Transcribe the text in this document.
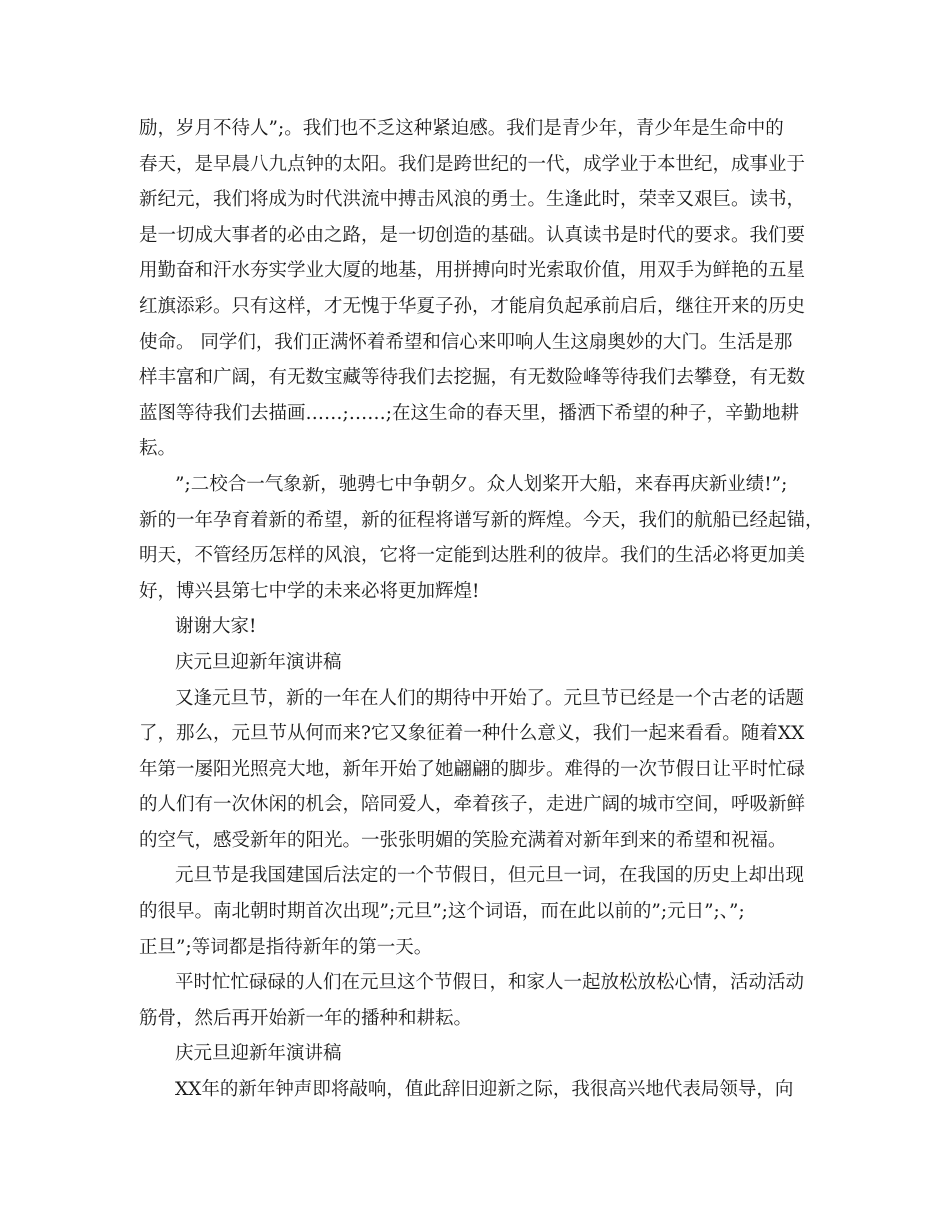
励，岁月不待人”;。我们也不乏这种紧迫感。我们是青少年，青少年是生命中的
春天，是早晨八九点钟的太阳。我们是跨世纪的一代，成学业于本世纪，成事业于
新纪元，我们将成为时代洪流中搏击风浪的勇士。生逢此时，荣幸又艰巨。读书，
是一切成大事者的必由之路，是一切创造的基础。认真读书是时代的要求。我们要
用勤奋和汗水夯实学业大厦的地基，用拼搏向时光索取价值，用双手为鲜艳的五星
红旗添彩。只有这样，才无愧于华夏子孙，才能肩负起承前启后，继往开来的历史
使命。 同学们，我们正满怀着希望和信心来叩响人生这扇奥妙的大门。生活是那
样丰富和广阔，有无数宝藏等待我们去挖掘，有无数险峰等待我们去攀登，有无数
蓝图等待我们去描画……;……;在这生命的春天里，播洒下希望的种子，辛勤地耕
耘。
”;二校合一气象新，驰骋七中争朝夕。众人划桨开大船，来春再庆新业绩!”;
新的一年孕育着新的希望，新的征程将谱写新的辉煌。今天，我们的航船已经起锚，
明天，不管经历怎样的风浪，它将一定能到达胜利的彼岸。我们的生活必将更加美
好，博兴县第七中学的未来必将更加辉煌!
谢谢大家!
庆元旦迎新年演讲稿
又逢元旦节，新的一年在人们的期待中开始了。元旦节已经是一个古老的话题
了，那么，元旦节从何而来?它又象征着一种什么意义，我们一起来看看。随着XX
年第一屡阳光照亮大地，新年开始了她翩翩的脚步。难得的一次节假日让平时忙碌
的人们有一次休闲的机会，陪同爱人，牵着孩子，走进广阔的城市空间，呼吸新鲜
的空气，感受新年的阳光。一张张明媚的笑脸充满着对新年到来的希望和祝福。
元旦节是我国建国后法定的一个节假日，但元旦一词，在我国的历史上却出现
的很早。南北朝时期首次出现”;元旦”;这个词语，而在此以前的”;元日”;、”;
正旦”;等词都是指待新年的第一天。
平时忙忙碌碌的人们在元旦这个节假日，和家人一起放松放松心情，活动活动
筋骨，然后再开始新一年的播种和耕耘。
庆元旦迎新年演讲稿
XX年的新年钟声即将敲响，值此辞旧迎新之际，我很高兴地代表局领导，向
